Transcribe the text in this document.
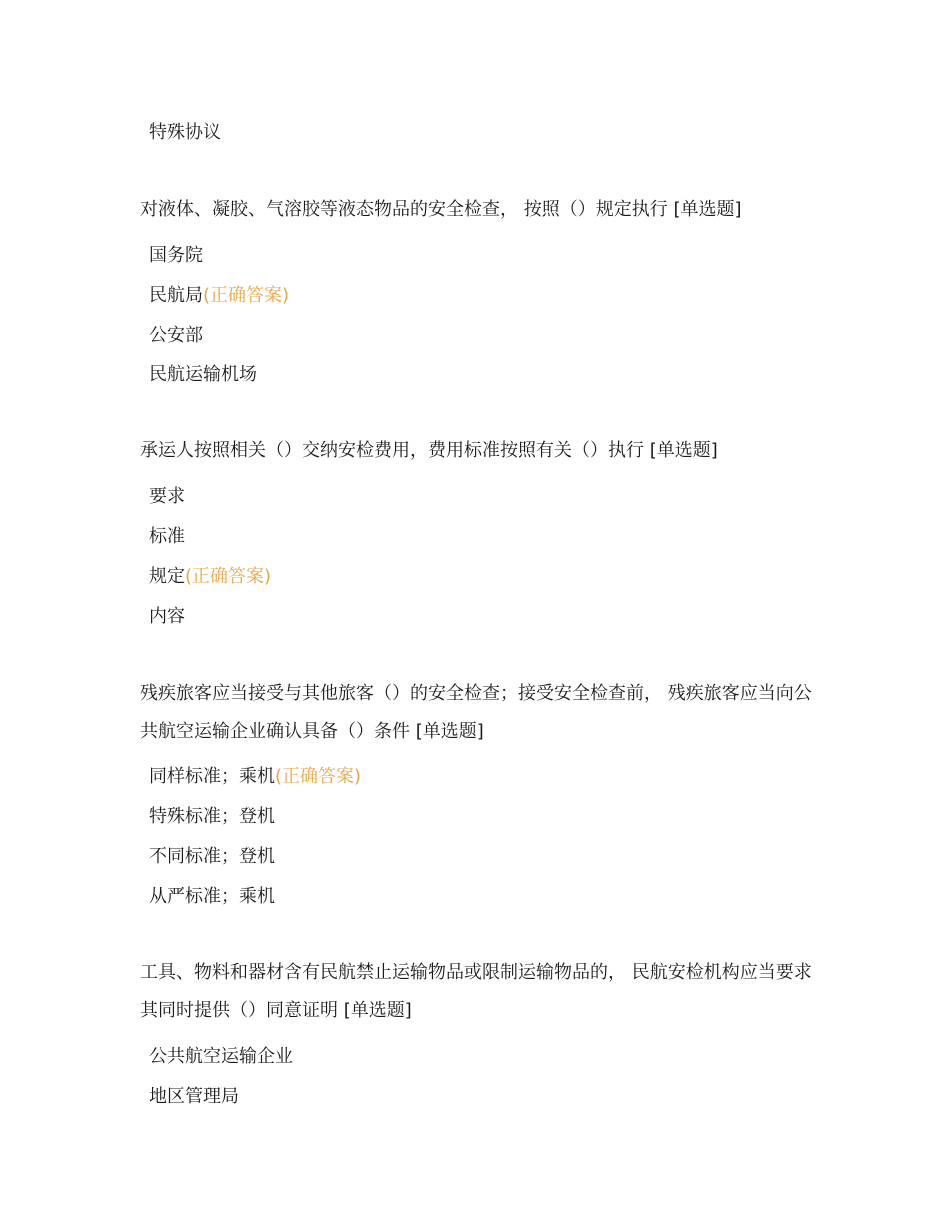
特殊协议
对液体、凝胶、气溶胶等液态物品的安全检查， 按照（）规定执行 [单选题]
国务院
民航局(正确答案)
公安部
民航运输机场
承运人按照相关（）交纳安检费用，费用标准按照有关（）执行 [单选题]
要求
标准
规定(正确答案)
内容
残疾旅客应当接受与其他旅客（）的安全检查；接受安全检查前， 残疾旅客应当向公共航空运输企业确认具备（）条件 [单选题]
同样标准；乘机(正确答案)
特殊标准；登机
不同标准；登机
从严标准；乘机
工具、物料和器材含有民航禁止运输物品或限制运输物品的， 民航安检机构应当要求其同时提供（）同意证明 [单选题]
公共航空运输企业
地区管理局
